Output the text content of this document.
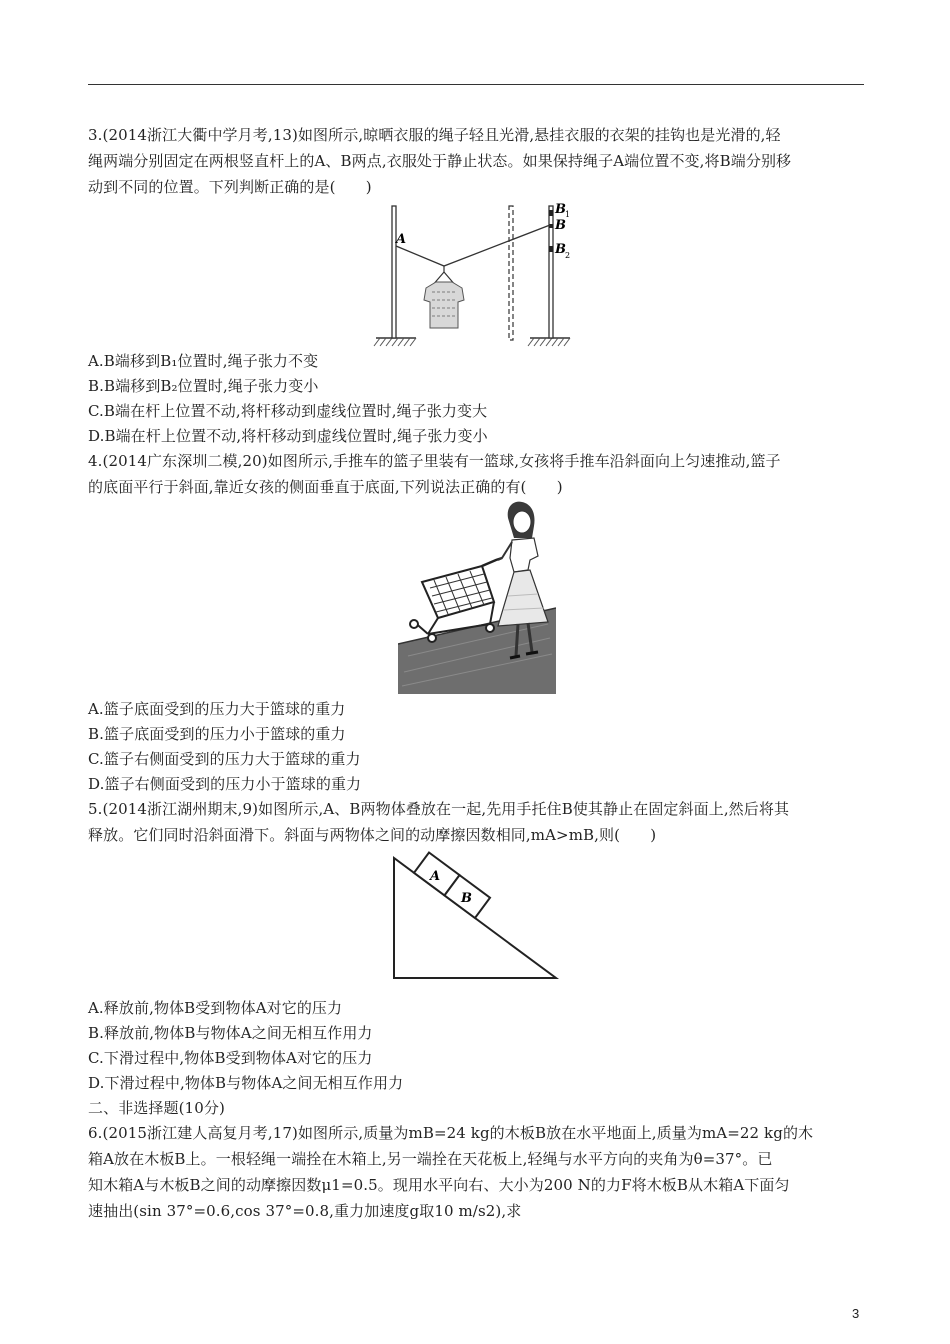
3.(2014浙江大衢中学月考,13)如图所示,晾晒衣服的绳子轻且光滑,悬挂衣服的衣架的挂钩也是光滑的,轻
绳两端分别固定在两根竖直杆上的A、B两点,衣服处于静止状态。如果保持绳子A端位置不变,将B端分别移
动到不同的位置。下列判断正确的是(　　)
A
B 1
B
B 2
A.B端移到B₁位置时,绳子张力不变
B.B端移到B₂位置时,绳子张力变小
C.B端在杆上位置不动,将杆移动到虚线位置时,绳子张力变大
D.B端在杆上位置不动,将杆移动到虚线位置时,绳子张力变小
4.(2014广东深圳二模,20)如图所示,手推车的篮子里装有一篮球,女孩将手推车沿斜面向上匀速推动,篮子
的底面平行于斜面,靠近女孩的侧面垂直于底面,下列说法正确的有(　　)
A.篮子底面受到的压力大于篮球的重力
B.篮子底面受到的压力小于篮球的重力
C.篮子右侧面受到的压力大于篮球的重力
D.篮子右侧面受到的压力小于篮球的重力
5.(2014浙江湖州期末,9)如图所示,A、B两物体叠放在一起,先用手托住B使其静止在固定斜面上,然后将其
释放。它们同时沿斜面滑下。斜面与两物体之间的动摩擦因数相同,mA>mB,则(　　)
A
B
A.释放前,物体B受到物体A对它的压力
B.释放前,物体B与物体A之间无相互作用力
C.下滑过程中,物体B受到物体A对它的压力
D.下滑过程中,物体B与物体A之间无相互作用力
二、非选择题(10分)
6.(2015浙江建人高复月考,17)如图所示,质量为mB=24 kg的木板B放在水平地面上,质量为mA=22 kg的木
箱A放在木板B上。一根轻绳一端拴在木箱上,另一端拴在天花板上,轻绳与水平方向的夹角为θ=37°。已
知木箱A与木板B之间的动摩擦因数μ1=0.5。现用水平向右、大小为200 N的力F将木板B从木箱A下面匀
速抽出(sin 37°=0.6,cos 37°=0.8,重力加速度g取10 m/s2),求
3
